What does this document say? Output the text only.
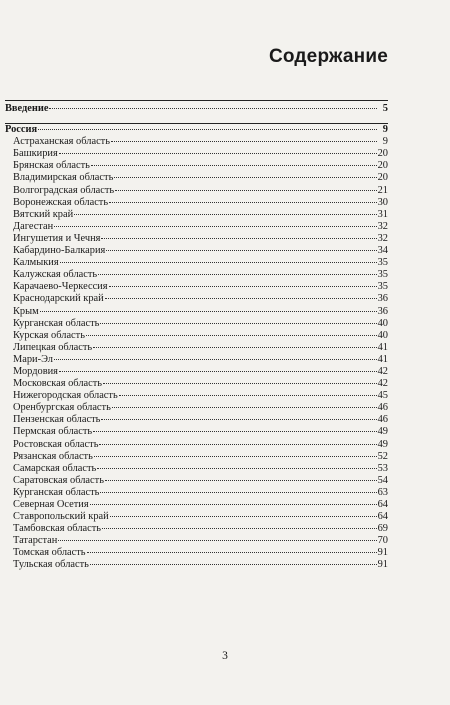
Содержание
Введение	5
Россия	9
Астраханская область	9
Башкирия	20
Брянская область	20
Владимирская область	20
Волгоградская область	21
Воронежская область	30
Вятский край	31
Дагестан	32
Ингушетия и Чечня	32
Кабардино-Балкария	34
Калмыкия	35
Калужская область	35
Карачаево-Черкессия	35
Краснодарский край	36
Крым	36
Курганская область	40
Курская область	40
Липецкая область	41
Мари-Эл	41
Мордовия	42
Московская область	42
Нижегородская область	45
Оренбургская область	46
Пензенская область	46
Пермская область	49
Ростовская область	49
Рязанская область	52
Самарская область	53
Саратовская область	54
Курганская область	63
Северная Осетия	64
Ставропольский край	64
Тамбовская область	69
Татарстан	70
Томская область	91
Тульская область	91
3
